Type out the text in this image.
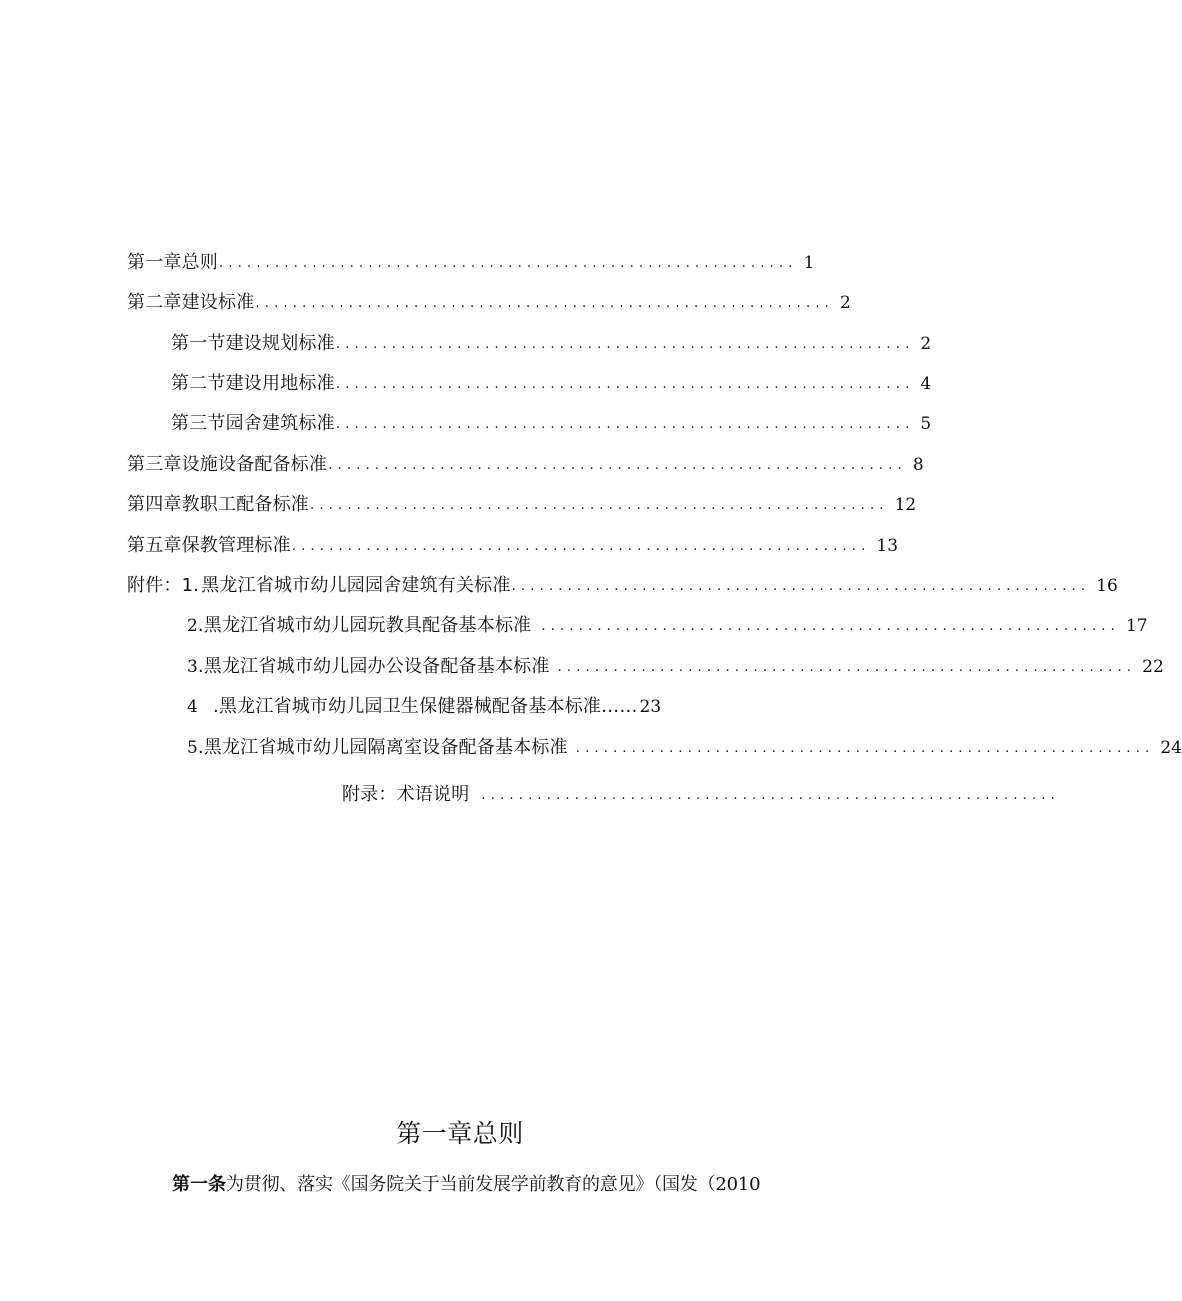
第一章总则 .............................................................. 1
第二章建设标准 .............................................................. 2
第一节建设规划标准 .............................................................. 2
第二节建设用地标准 .............................................................. 4
第三节园舍建筑标准 .............................................................. 5
第三章设施设备配备标准 .............................................................. 8
第四章教职工配备标准 .............................................................. 12
第五章保教管理标准 .............................................................. 13
附件：1. 黑龙江省城市幼儿园园舍建筑有关标准 .............................................................. 16
2 .黑龙江省城市幼儿园玩教具配备基本标准 .............................................................. 17
3 .黑龙江省城市幼儿园办公设备配备基本标准 .............................................................. 22
4 .黑龙江省城市幼儿园卫生保健器械配备基本标准…… 23
5 .黑龙江省城市幼儿园隔离室设备配备基本标准 .............................................................. 24
附录：术语说明 ..............................................................
第一章总则
第一条为贯彻、落实《国务院关于当前发展学前教育的意见》（国发（2010
